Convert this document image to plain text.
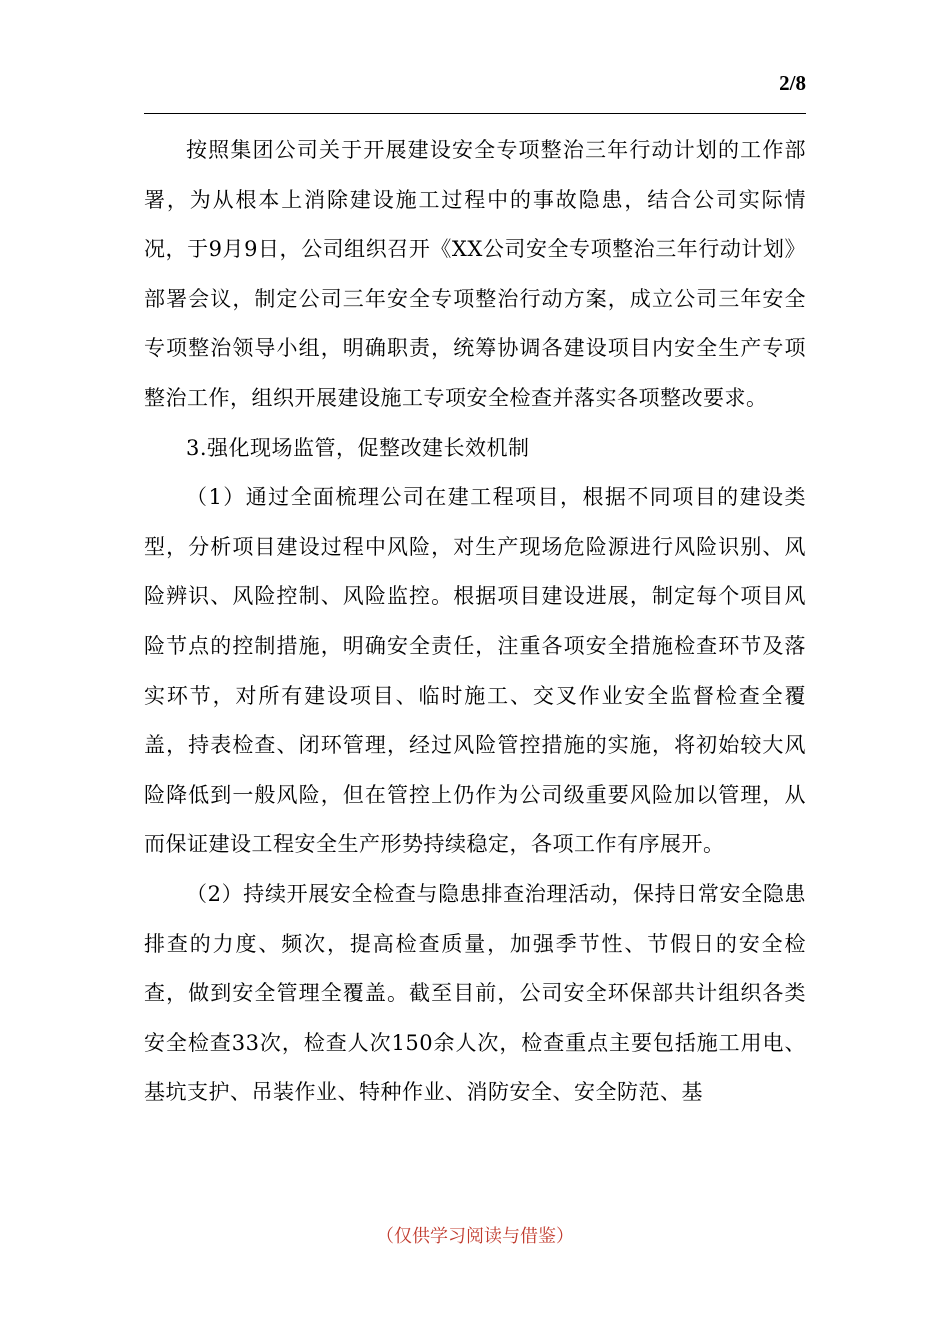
2/8

按照集团公司关于开展建设安全专项整治三年行动计划的工作部署，为从根本上消除建设施工过程中的事故隐患，结合公司实际情况，于9月9日，公司组织召开《XX公司安全专项整治三年行动计划》部署会议，制定公司三年安全专项整治行动方案，成立公司三年安全专项整治领导小组，明确职责，统筹协调各建设项目内安全生产专项整治工作，组织开展建设施工专项安全检查并落实各项整改要求。

3.强化现场监管，促整改建长效机制

（1）通过全面梳理公司在建工程项目，根据不同项目的建设类型，分析项目建设过程中风险，对生产现场危险源进行风险识别、风险辨识、风险控制、风险监控。根据项目建设进展，制定每个项目风险节点的控制措施，明确安全责任，注重各项安全措施检查环节及落实环节，对所有建设项目、临时施工、交叉作业安全监督检查全覆盖，持表检查、闭环管理，经过风险管控措施的实施，将初始较大风险降低到一般风险，但在管控上仍作为公司级重要风险加以管理，从而保证建设工程安全生产形势持续稳定，各项工作有序展开。

（2）持续开展安全检查与隐患排查治理活动，保持日常安全隐患排查的力度、频次，提高检查质量，加强季节性、节假日的安全检查，做到安全管理全覆盖。截至目前，公司安全环保部共计组织各类安全检查33次，检查人次150余人次，检查重点主要包括施工用电、基坑支护、吊装作业、特种作业、消防安全、安全防范、基

（仅供学习阅读与借鉴）
